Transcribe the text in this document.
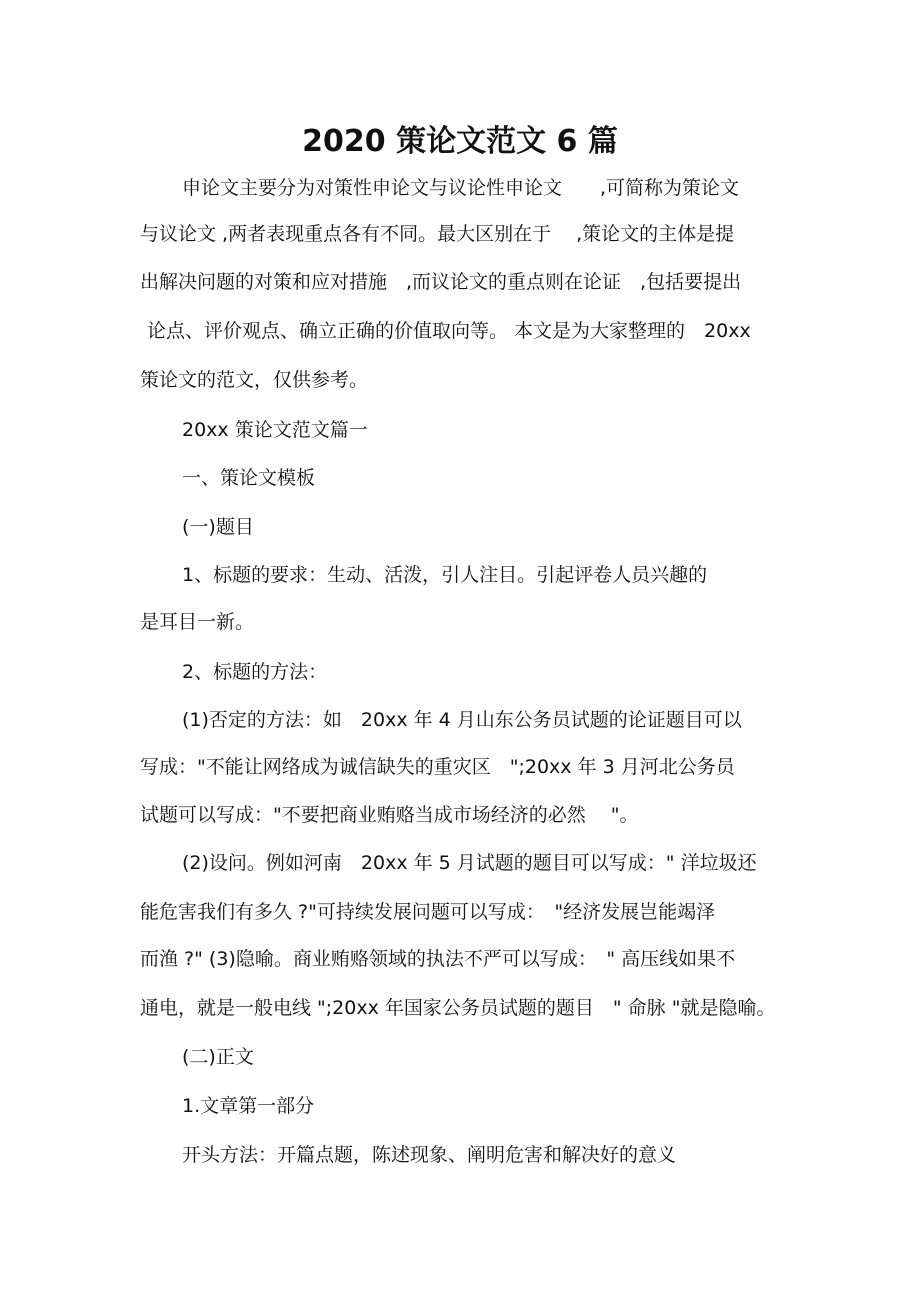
2020 策论文范文 6 篇

申论文主要分为对策性申论文与议论性申论文　　,可简称为策论文

与议论文 ,两者表现重点各有不同。最大区别在于　 ,策论文的主体是提

出解决问题的对策和应对措施　,而议论文的重点则在论证　,包括要提出

论点、评价观点、确立正确的价值取向等。 本文是为大家整理的　20xx

策论文的范文，仅供参考。

20xx 策论文范文篇一

一、策论文模板

(一)题目

1、标题的要求：生动、活泼，引人注目。引起评卷人员兴趣的

是耳目一新。

2、标题的方法：

(1)否定的方法：如　20xx 年 4 月山东公务员试题的论证题目可以

写成："不能让网络成为诚信缺失的重灾区　";20xx 年 3 月河北公务员

试题可以写成："不要把商业贿赂当成市场经济的必然　 "。

(2)设问。例如河南　20xx 年 5 月试题的题目可以写成：" 洋垃圾还

能危害我们有多久 ?"可持续发展问题可以写成：　"经济发展岂能竭泽

而渔 ?" (3)隐喻。商业贿赂领域的执法不严可以写成：　" 高压线如果不

通电，就是一般电线 ";20xx 年国家公务员试题的题目　" 命脉 "就是隐喻。

(二)正文

1.文章第一部分

开头方法：开篇点题，陈述现象、阐明危害和解决好的意义
